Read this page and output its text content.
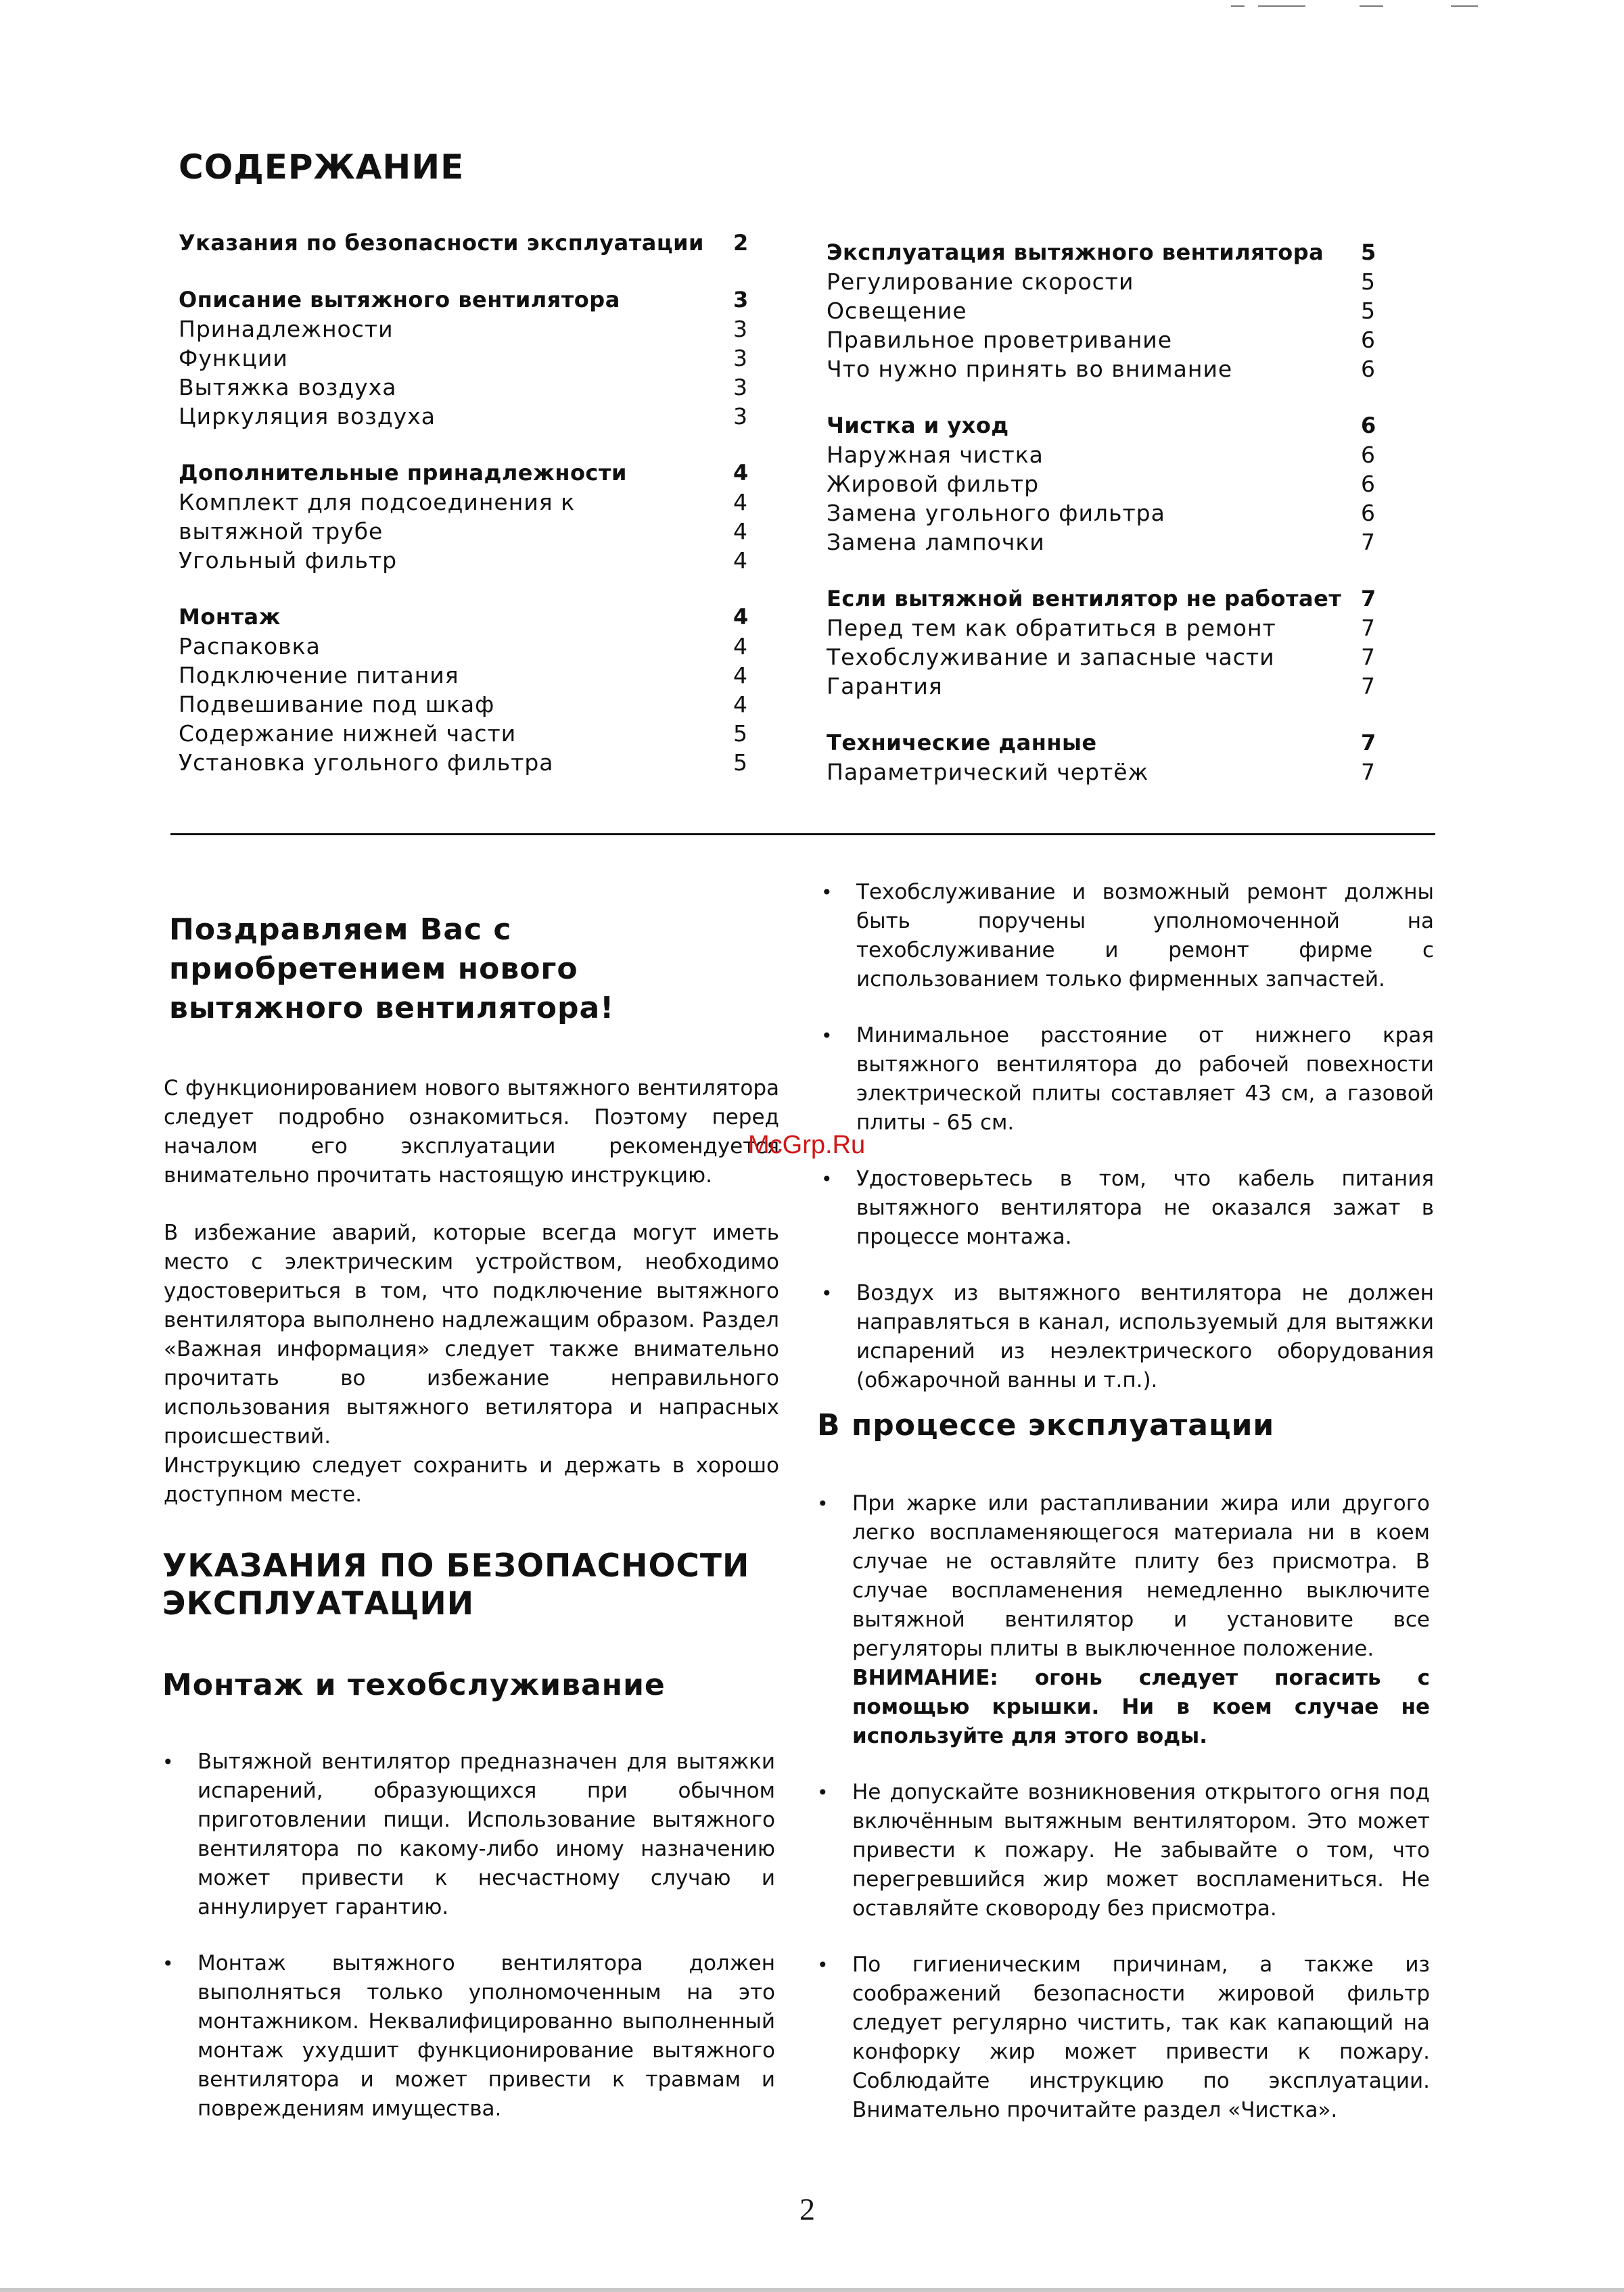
СОДЕРЖАНИЕ
Указания по безопасности эксплуатации 2
Описание вытяжного вентилятора	3
Принадлежности	3
Функции	3
Вытяжка воздуха	3
Циркуляция воздуха	3
Дополнительные принадлежности	4
Комплект для подсоединения к	4
вытяжной трубе	4
Угольный фильтр	4
Монтаж	4
Распаковка	4
Подключение питания	4
Подвешивание под шкаф	4
Содержание нижней части	5
Установка угольного фильтра	5
Эксплуатация вытяжного вентилятора 5
Регулирование скорости	5
Освещение	5
Правильное проветривание	6
Что нужно принять во внимание	6
Чистка и уход	6
Наружная чистка	6
Жировой фильтр	6
Замена угольного фильтра	6
Замена лампочки	7
Если вытяжной вентилятор не работает 7
Перед тем как обратиться в ремонт	7
Техобслуживание и запасные части	7
Гарантия	7
Технические данные	7
Параметрический чертёж	7
Поздравляем Вас с приобретением нового вытяжного вентилятора!
С функционированием нового вытяжного вентилятора следует подробно ознакомиться. Поэтому перед началом его эксплуатации рекомендуется внимательно прочитать настоящую инструкцию.
В избежание аварий, которые всегда могут иметь место с электрическим устройством, необходимо удостовериться в том, что подключение вытяжного вентилятора выполнено надлежащим образом. Раздел «Важная информация» следует также внимательно прочитать во избежание неправильного использования вытяжного ветилятора и напрасных происшествий.
Инструкцию следует сохранить и держать в хорошо доступном месте.
УКАЗАНИЯ ПО БЕЗОПАСНОСТИ ЭКСПЛУАТАЦИИ
Монтаж и техобслуживание
• Вытяжной вентилятор предназначен для вытяжки испарений, образующихся при обычном приготовлении пищи. Использование вытяжного вентилятора по какому-либо иному назначению может привести к несчастному случаю и аннулирует гарантию.
• Монтаж вытяжного вентилятора должен выполняться только уполномоченным на это монтажником. Неквалифицированно выполненный монтаж ухудшит функционирование вытяжного вентилятора и может привести к травмам и повреждениям имущества.
• Техобслуживание и возможный ремонт должны быть поручены уполномоченной на техобслуживание и ремонт фирме с использованием только фирменных запчастей.
• Минимальное расстояние от нижнего края вытяжного вентилятора до рабочей повехности электрической плиты составляет 43 см, а газовой плиты - 65 см.
• Удостоверьтесь в том, что кабель питания вытяжного вентилятора не оказался зажат в процессе монтажа.
• Воздух из вытяжного вентилятора не должен направляться в канал, используемый для вытяжки испарений из неэлектрического оборудования (обжарочной ванны и т.п.).
В процессе эксплуатации
• При жарке или растапливании жира или другого легко воспламеняющегося материала ни в коем случае не оставляйте плиту без присмотра. В случае воспламенения немедленно выключите вытяжной вентилятор и установите все регуляторы плиты в выключенное положение.
ВНИМАНИЕ: огонь следует погасить с помощью крышки. Ни в коем случае не используйте для этого воды.
• Не допускайте возникновения открытого огня под включённым вытяжным вентилятором. Это может привести к пожару. Не забывайте о том, что перегревшийся жир может воспламениться. Не оставляйте сковороду без присмотра.
• По гигиеническим причинам, а также из соображений безопасности жировой фильтр следует регулярно чистить, так как капающий на конфорку жир может привести к пожару. Соблюдайте инструкцию по эксплуатации. Внимательно прочитайте раздел «Чистка».
McGrp.Ru
2
